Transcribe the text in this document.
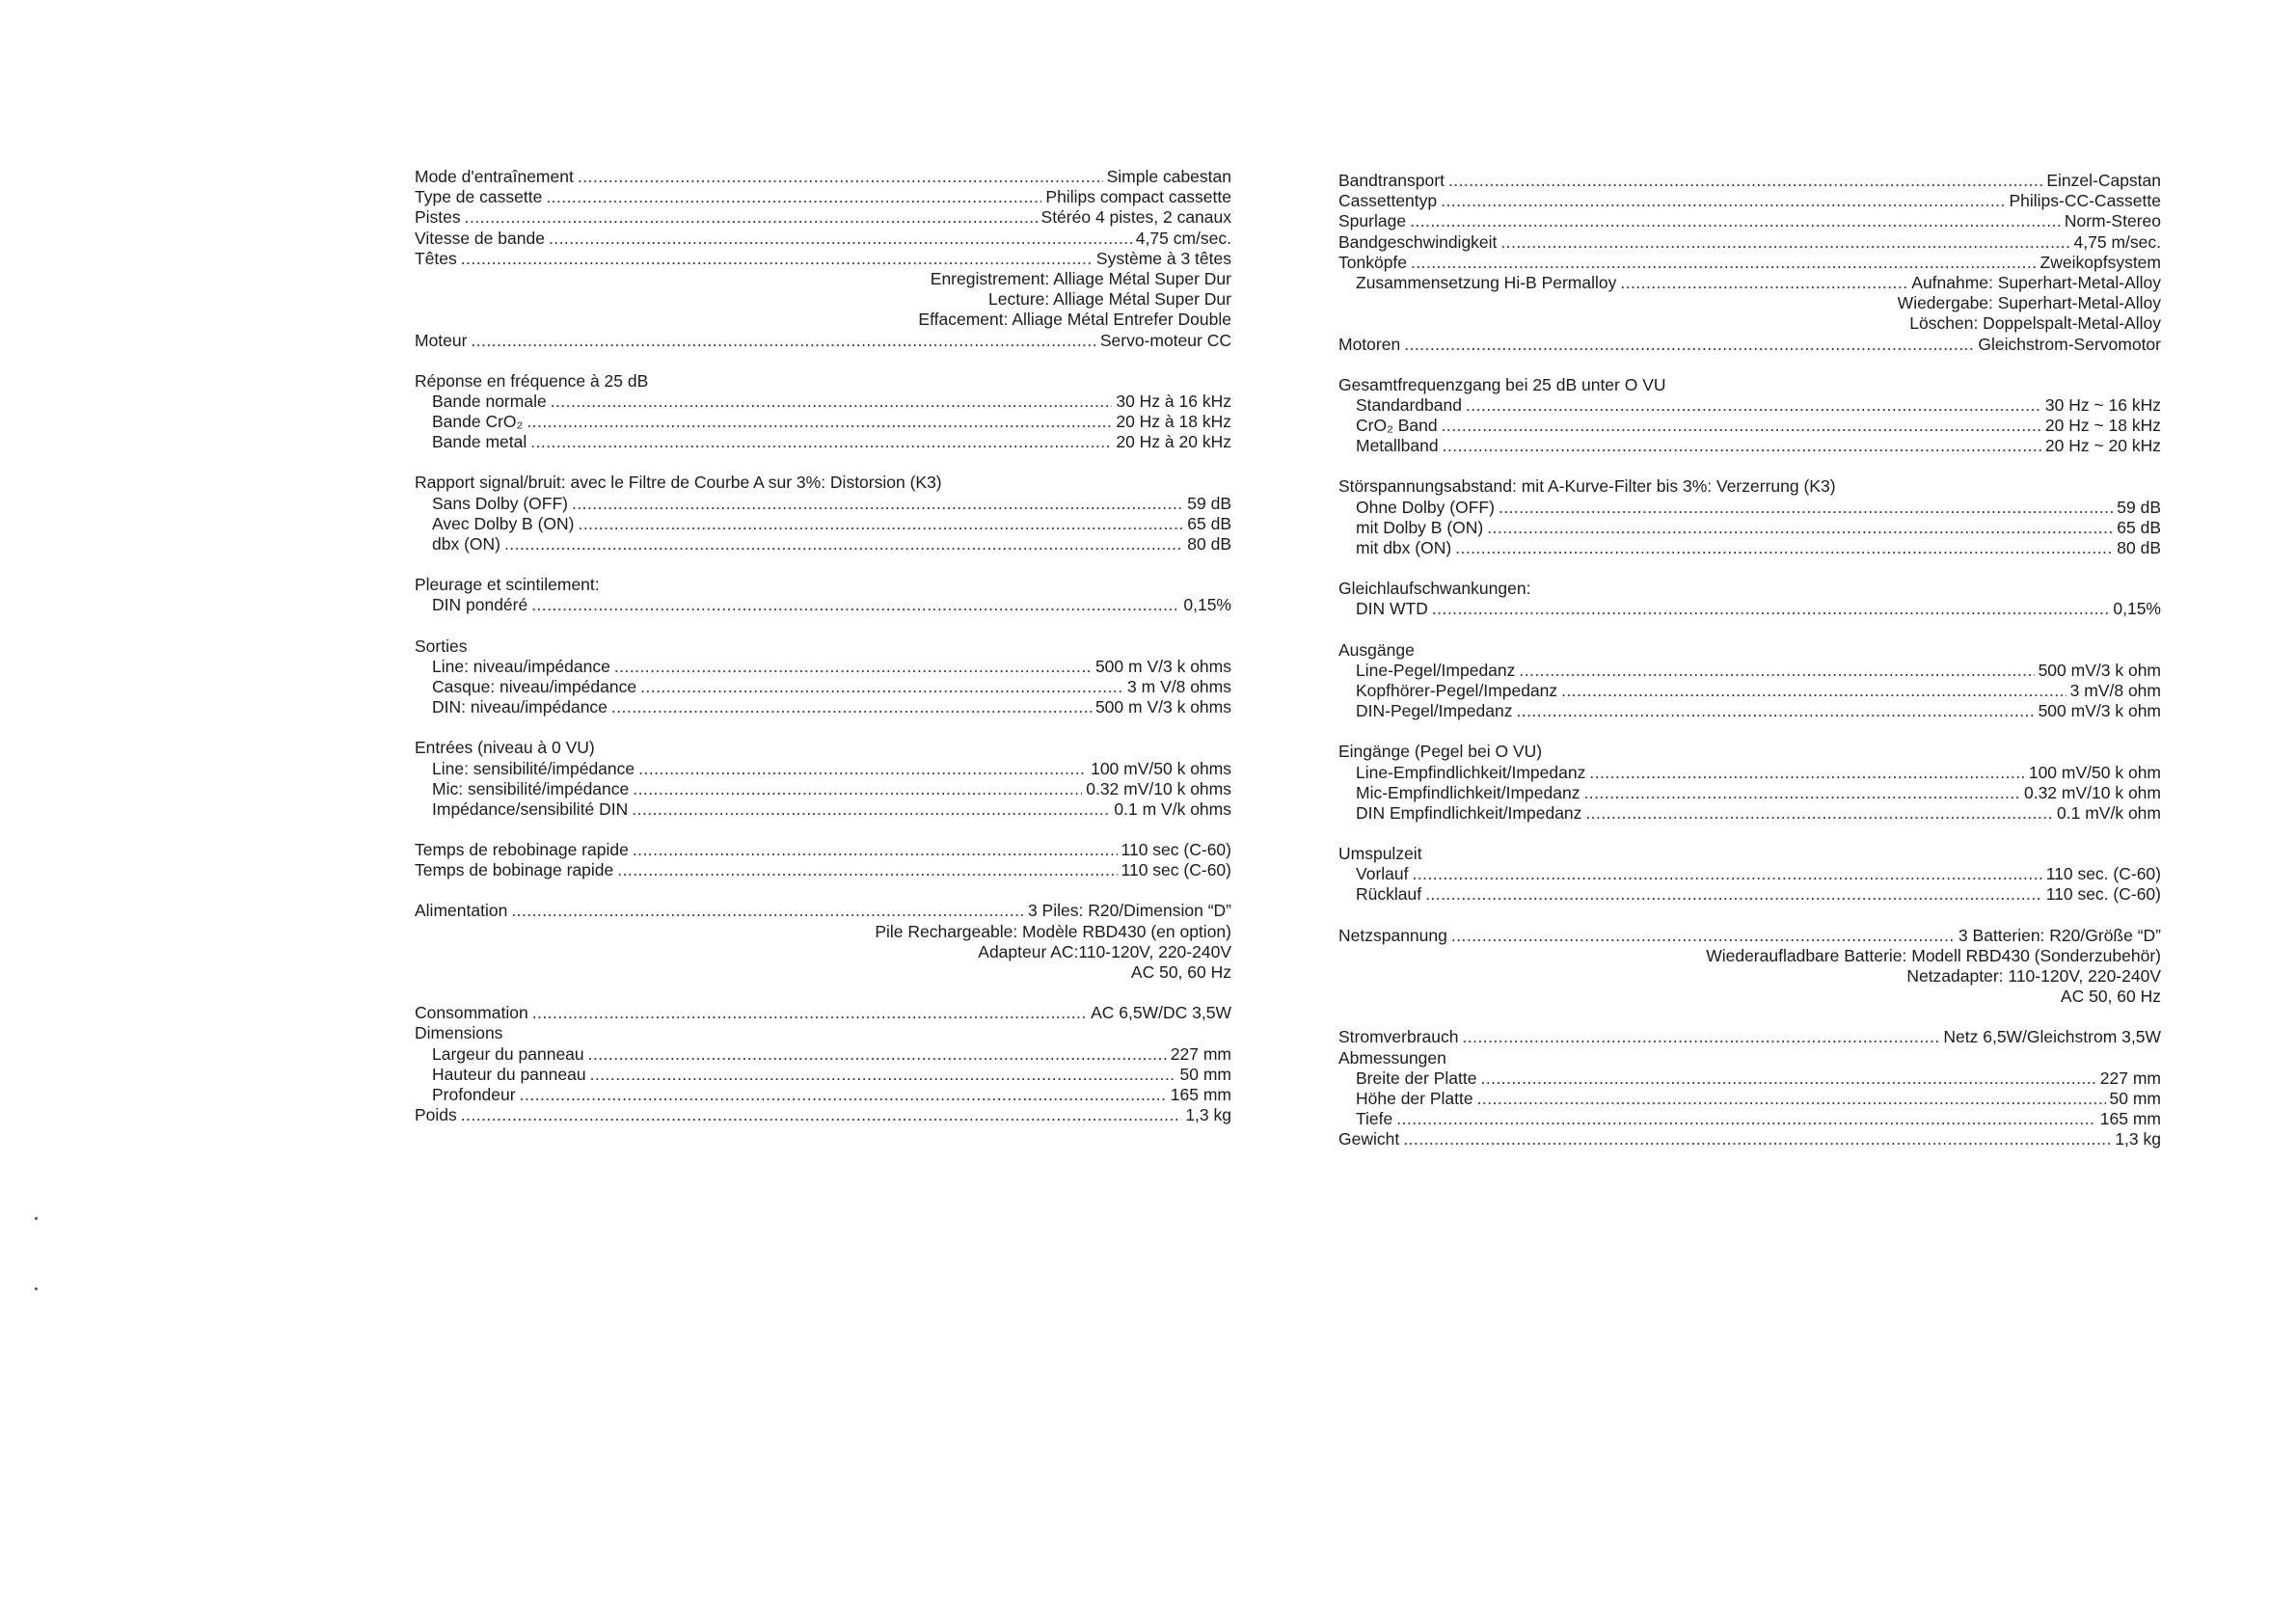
Mode d'entraînement . . .	Simple cabestan
Type de cassette . . .	Philips compact cassette
Pistes . . .	Stéréo 4 pistes, 2 canaux
Vitesse de bande . . .	4,75 cm/sec.
Têtes . . .	Système à 3 têtes
Enregistrement: Alliage Métal Super Dur
Lecture: Alliage Métal Super Dur
Effacement: Alliage Métal Entrefer Double
Moteur . . .	Servo-moteur CC
Réponse en fréquence à 25 dB
Bande normale . . .	30 Hz à 16 kHz
Bande CrO₂ . . .	20 Hz à 18 kHz
Bande metal . . .	20 Hz à 20 kHz
Rapport signal/bruit: avec le Filtre de Courbe A sur 3%: Distorsion (K3)
Sans Dolby (OFF) . . .	59 dB
Avec Dolby B (ON) . . .	65 dB
dbx (ON) . . .	80 dB
Pleurage et scintilement:
DIN pondéré . . .	0,15%
Sorties
Line: niveau/impédance . . .	500 m V/3 k ohms
Casque: niveau/impédance . . .	3 m V/8 ohms
DIN: niveau/impédance . . .	500 m V/3 k ohms
Entrées (niveau à 0 VU)
Line: sensibilité/impédance . . .	100 mV/50 k ohms
Mic: sensibilité/impédance . . .	0.32 mV/10 k ohms
Impédance/sensibilité DIN . . .	0.1 m V/k ohms
Temps de rebobinage rapide . . .	110 sec (C-60)
Temps de bobinage rapide . . .	110 sec (C-60)
Alimentation . . .	3 Piles: R20/Dimension “D”
Pile Rechargeable: Modèle RBD430 (en option)
Adapteur AC:110-120V, 220-240V
AC 50, 60 Hz
Consommation . . .	AC 6,5W/DC 3,5W
Dimensions
Largeur du panneau . . .	227 mm
Hauteur du panneau . . .	50 mm
Profondeur . . .	165 mm
Poids . . .	1,3 kg
Bandtransport . . .	Einzel-Capstan
Cassettentyp . . .	Philips-CC-Cassette
Spurlage . . .	Norm-Stereo
Bandgeschwindigkeit . . .	4,75 m/sec.
Tonköpfe . . .	Zweikopfsystem
Zusammensetzung Hi-B Permalloy . . .	Aufnahme: Superhart-Metal-Alloy
Wiedergabe: Superhart-Metal-Alloy
Löschen: Doppelspalt-Metal-Alloy
Motoren . . .	Gleichstrom-Servomotor
Gesamtfrequenzgang bei 25 dB unter O VU
Standardband . . .	30 Hz ~ 16 kHz
CrO₂ Band . . .	20 Hz ~ 18 kHz
Metallband . . .	20 Hz ~ 20 kHz
Störspannungsabstand: mit A-Kurve-Filter bis 3%: Verzerrung (K3)
Ohne Dolby (OFF) . . .	59 dB
mit Dolby B (ON) . . .	65 dB
mit dbx (ON) . . .	80 dB
Gleichlaufschwankungen:
DIN WTD . . .	0,15%
Ausgänge
Line-Pegel/Impedanz . . .	500 mV/3 k ohm
Kopfhörer-Pegel/Impedanz . . .	3 mV/8 ohm
DIN-Pegel/Impedanz . . .	500 mV/3 k ohm
Eingänge (Pegel bei O VU)
Line-Empfindlichkeit/Impedanz . . .	100 mV/50 k ohm
Mic-Empfindlichkeit/Impedanz . . .	0.32 mV/10 k ohm
DIN Empfindlichkeit/Impedanz . . .	0.1 mV/k ohm
Umspulzeit
Vorlauf . . .	110 sec. (C-60)
Rücklauf . . .	110 sec. (C-60)
Netzspannung . . .	3 Batterien: R20/Größe “D”
Wiederaufladbare Batterie: Modell RBD430 (Sonderzubehör)
Netzadapter: 110-120V, 220-240V
AC 50, 60 Hz
Stromverbrauch . . .	Netz 6,5W/Gleichstrom 3,5W
Abmessungen
Breite der Platte . . .	227 mm
Höhe der Platte . . .	50 mm
Tiefe . . .	165 mm
Gewicht . . .	1,3 kg
